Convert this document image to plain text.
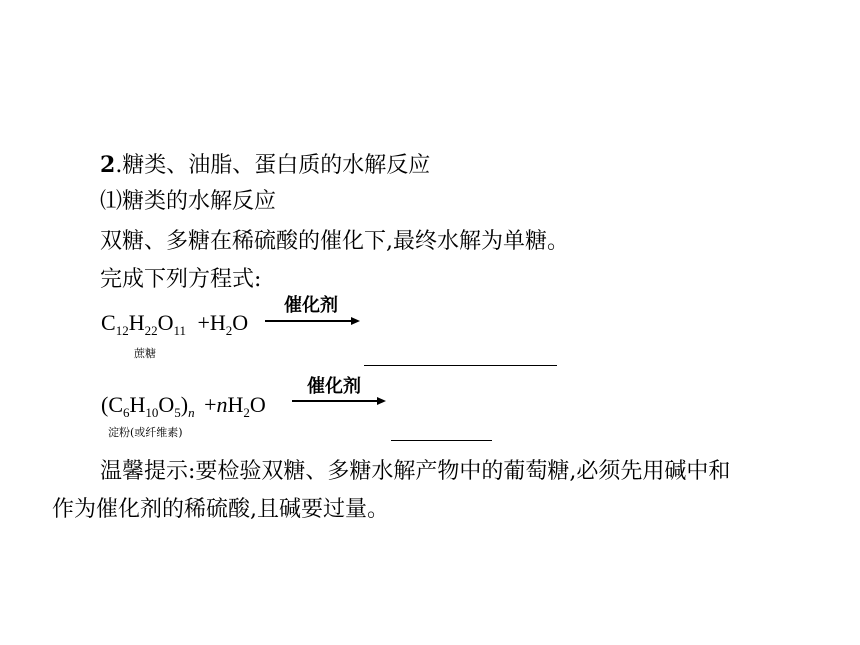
2.糖类、油脂、蛋白质的水解反应
⑴糖类的水解反应
双糖、多糖在稀硫酸的催化下,最终水解为单糖。
完成下列方程式:
$C_{12}H_{22}O_{11} +H_2O$
蔗糖
催化剂
$(C_6H_{10}O_5)_n +nH_2O$
淀粉(或纤维素)
催化剂
温馨提示:要检验双糖、多糖水解产物中的葡萄糖,必须先用碱中和
作为催化剂的稀硫酸,且碱要过量。
